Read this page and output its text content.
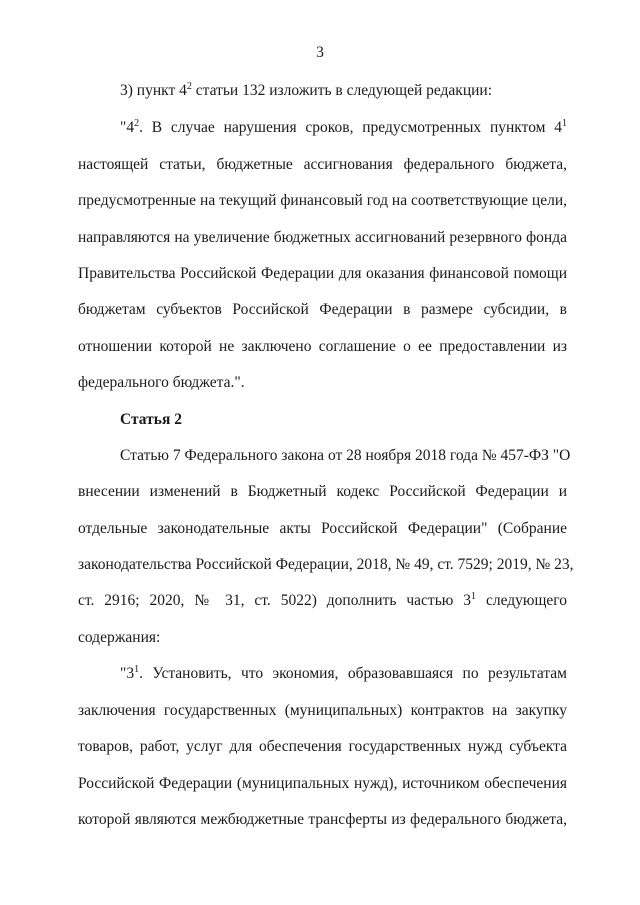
3
3) пункт $4^2$ статьи 132 изложить в следующей редакции:
"$4^2$. В случае нарушения сроков, предусмотренных пунктом $4^1$
настоящей статьи, бюджетные ассигнования федерального бюджета,
предусмотренные на текущий финансовый год на соответствующие цели,
направляются на увеличение бюджетных ассигнований резервного фонда
Правительства Российской Федерации для оказания финансовой помощи
бюджетам субъектов Российской Федерации в размере субсидии, в
отношении которой не заключено соглашение о ее предоставлении из
федерального бюджета.".
Статья 2
Статью 7 Федерального закона от 28 ноября 2018 года № 457-ФЗ "О
внесении изменений в Бюджетный кодекс Российской Федерации и
отдельные законодательные акты Российской Федерации" (Собрание
законодательства Российской Федерации, 2018, № 49, ст. 7529; 2019, № 23,
ст. 2916; 2020, № 31, ст. 5022) дополнить частью $3^1$ следующего
содержания:
"$3^1$. Установить, что экономия, образовавшаяся по результатам
заключения государственных (муниципальных) контрактов на закупку
товаров, работ, услуг для обеспечения государственных нужд субъекта
Российской Федерации (муниципальных нужд), источником обеспечения
которой являются межбюджетные трансферты из федерального бюджета,
